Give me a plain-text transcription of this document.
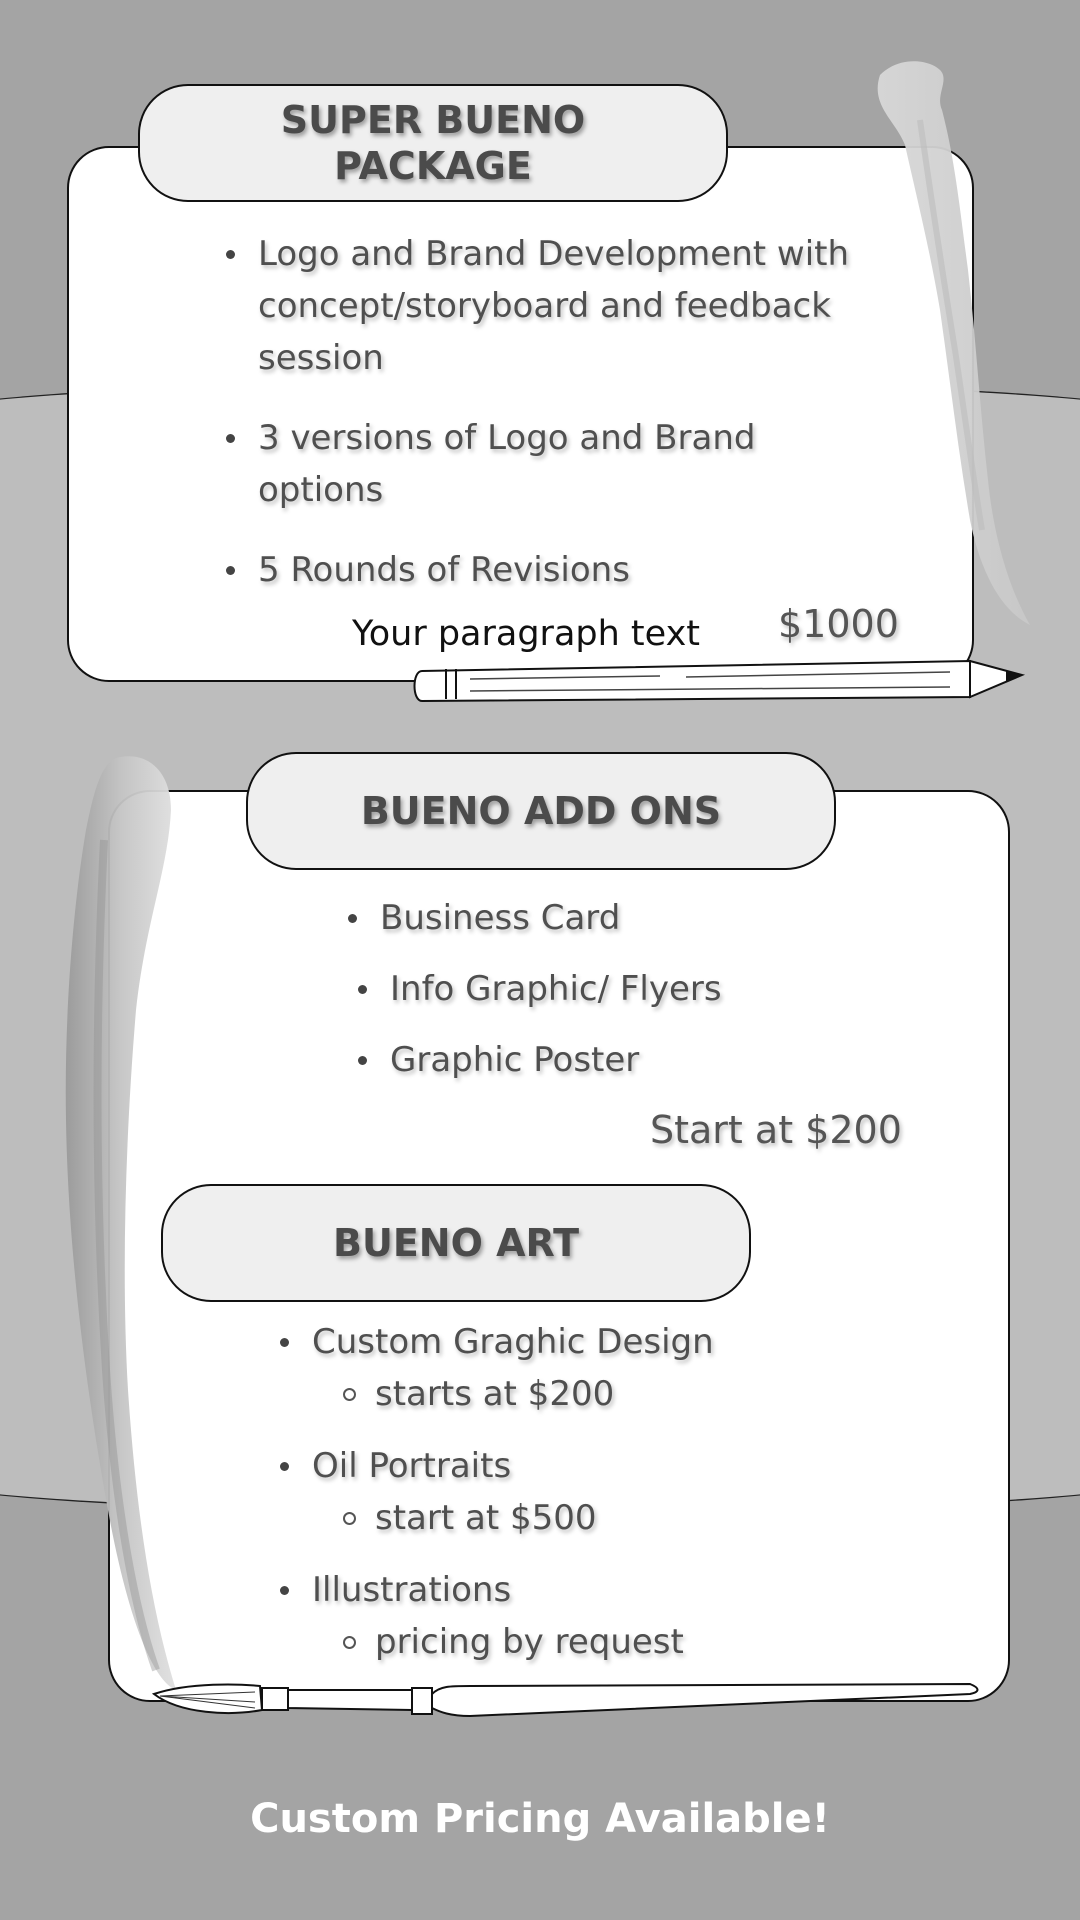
SUPER BUENO
PACKAGE
Logo and Brand Development with concept/storyboard and feedback session
3 versions of Logo and Brand options
5 Rounds of Revisions
Your paragraph text $1000
BUENO ADD ONS
Business Card
Info Graphic/ Flyers
Graphic Poster
Start at $200
BUENO ART
Custom Graghic Design
starts at $200
Oil Portraits
start at $500
Illustrations
pricing by request
Custom Pricing Available!
